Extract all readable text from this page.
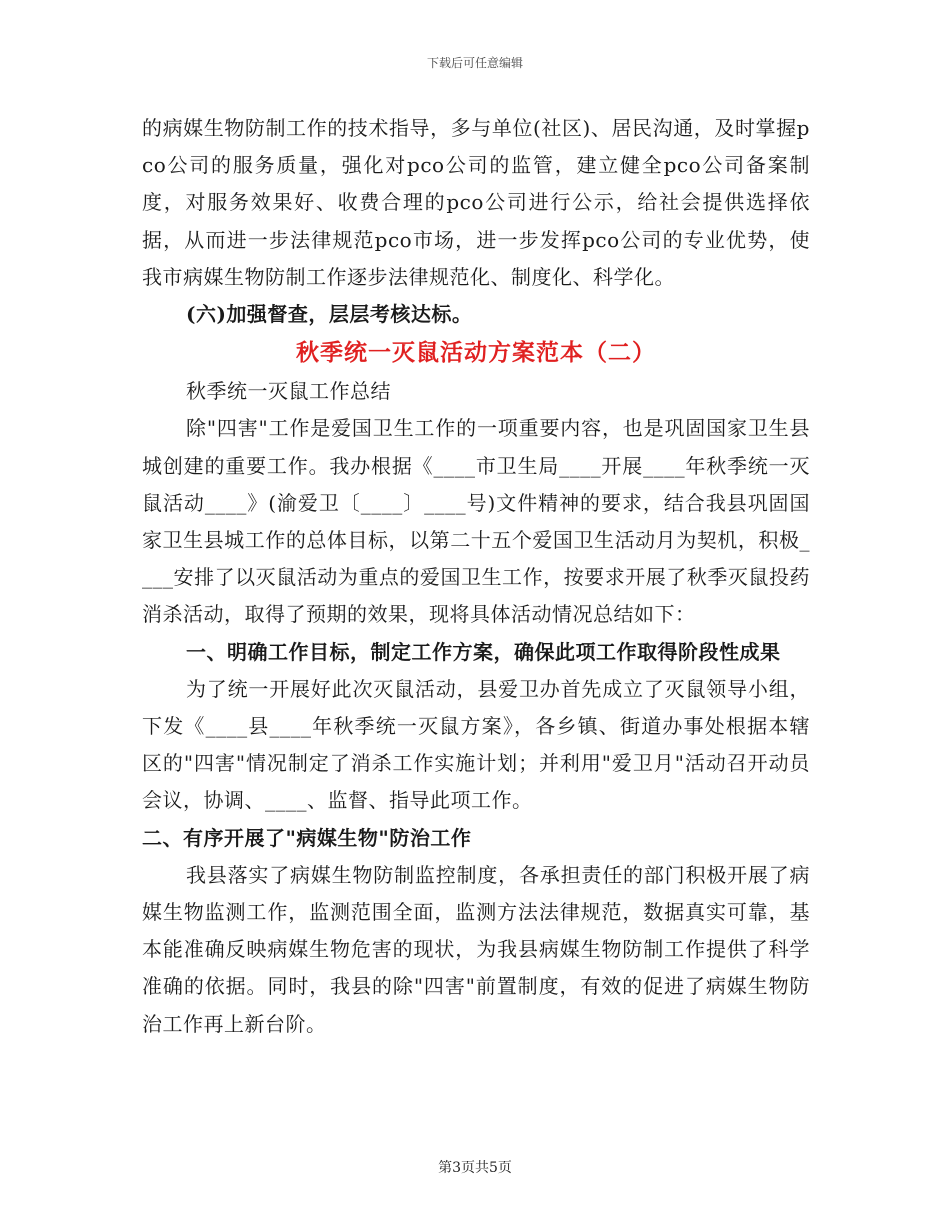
下载后可任意编辑

的病媒生物防制工作的技术指导，多与单位(社区)、居民沟通，及时掌握pco公司的服务质量，强化对pco公司的监管，建立健全pco公司备案制度，对服务效果好、收费合理的pco公司进行公示，给社会提供选择依据，从而进一步法律规范pco市场，进一步发挥pco公司的专业优势，使我市病媒生物防制工作逐步法律规范化、制度化、科学化。

(六)加强督查，层层考核达标。

秋季统一灭鼠活动方案范本（二）

秋季统一灭鼠工作总结

除"四害"工作是爱国卫生工作的一项重要内容，也是巩固国家卫生县城创建的重要工作。我办根据《____市卫生局____开展____年秋季统一灭鼠活动____》(渝爱卫〔____〕____号)文件精神的要求，结合我县巩固国家卫生县城工作的总体目标，以第二十五个爱国卫生活动月为契机，积极____安排了以灭鼠活动为重点的爱国卫生工作，按要求开展了秋季灭鼠投药消杀活动，取得了预期的效果，现将具体活动情况总结如下：

一、明确工作目标，制定工作方案，确保此项工作取得阶段性成果

为了统一开展好此次灭鼠活动，县爱卫办首先成立了灭鼠领导小组，下发《____县____年秋季统一灭鼠方案》，各乡镇、街道办事处根据本辖区的"四害"情况制定了消杀工作实施计划；并利用"爱卫月"活动召开动员会议，协调、____、监督、指导此项工作。

二、有序开展了"病媒生物"防治工作

我县落实了病媒生物防制监控制度，各承担责任的部门积极开展了病媒生物监测工作，监测范围全面，监测方法法律规范，数据真实可靠，基本能准确反映病媒生物危害的现状，为我县病媒生物防制工作提供了科学准确的依据。同时，我县的除"四害"前置制度，有效的促进了病媒生物防治工作再上新台阶。

第3页共5页
